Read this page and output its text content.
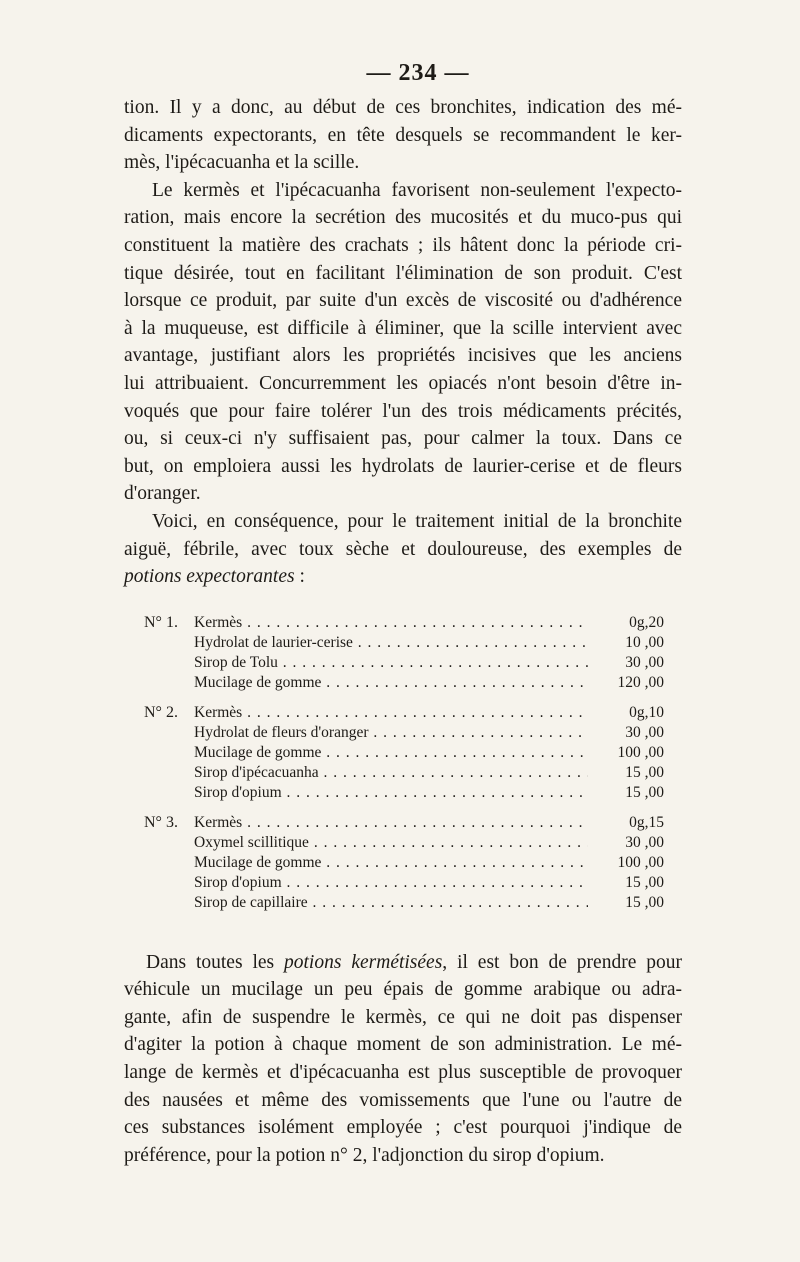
— 234 —

tion. Il y a donc, au début de ces bronchites, indication des mé-
dicaments expectorants, en tête desquels se recommandent le ker-
mès, l'ipécacuanha et la scille.

Le kermès et l'ipécacuanha favorisent non-seulement l'expecto-

ration, mais encore la secrétion des mucosités et du muco-pus qui
constituent la matière des crachats ; ils hâtent donc la période cri-
tique désirée, tout en facilitant l'élimination de son produit. C'est
lorsque ce produit, par suite d'un excès de viscosité ou d'adhérence
à la muqueuse, est difficile à éliminer, que la scille intervient avec
avantage, justifiant alors les propriétés incisives que les anciens
lui attribuaient. Concurremment les opiacés n'ont besoin d'être in-
voqués que pour faire tolérer l'un des trois médicaments précités,
ou, si ceux-ci n'y suffisaient pas, pour calmer la toux. Dans ce
but, on emploiera aussi les hydrolats de laurier-cerise et de fleurs
d'oranger.

Voici, en conséquence, pour le traitement initial de la bronchite

aiguë, fébrile, avec toux sèche et douloureuse, des exemples de
potions expectorantes :

N° 1.	Kermès . . .	0g,20
Hydrolat de laurier-cerise . . .	10 ,00
Sirop de Tolu . . .	30 ,00
Mucilage de gomme . . .	120 ,00
N° 2.	Kermès . . .	0g,10
Hydrolat de fleurs d'oranger . . .	30 ,00
Mucilage de gomme . . .	100 ,00
Sirop d'ipécacuanha . . .	15 ,00
Sirop d'opium . . .	15 ,00
N° 3.	Kermès . . .	0g,15
Oxymel scillitique . . .	30 ,00
Mucilage de gomme . . .	100 ,00
Sirop d'opium . . .	15 ,00
Sirop de capillaire . . .	15 ,00

Dans toutes les potions kermétisées, il est bon de prendre pour

véhicule un mucilage un peu épais de gomme arabique ou adra-
gante, afin de suspendre le kermès, ce qui ne doit pas dispenser
d'agiter la potion à chaque moment de son administration. Le mé-
lange de kermès et d'ipécacuanha est plus susceptible de provoquer
des nausées et même des vomissements que l'une ou l'autre de
ces substances isolément employée ; c'est pourquoi j'indique de
préférence, pour la potion n° 2, l'adjonction du sirop d'opium.
